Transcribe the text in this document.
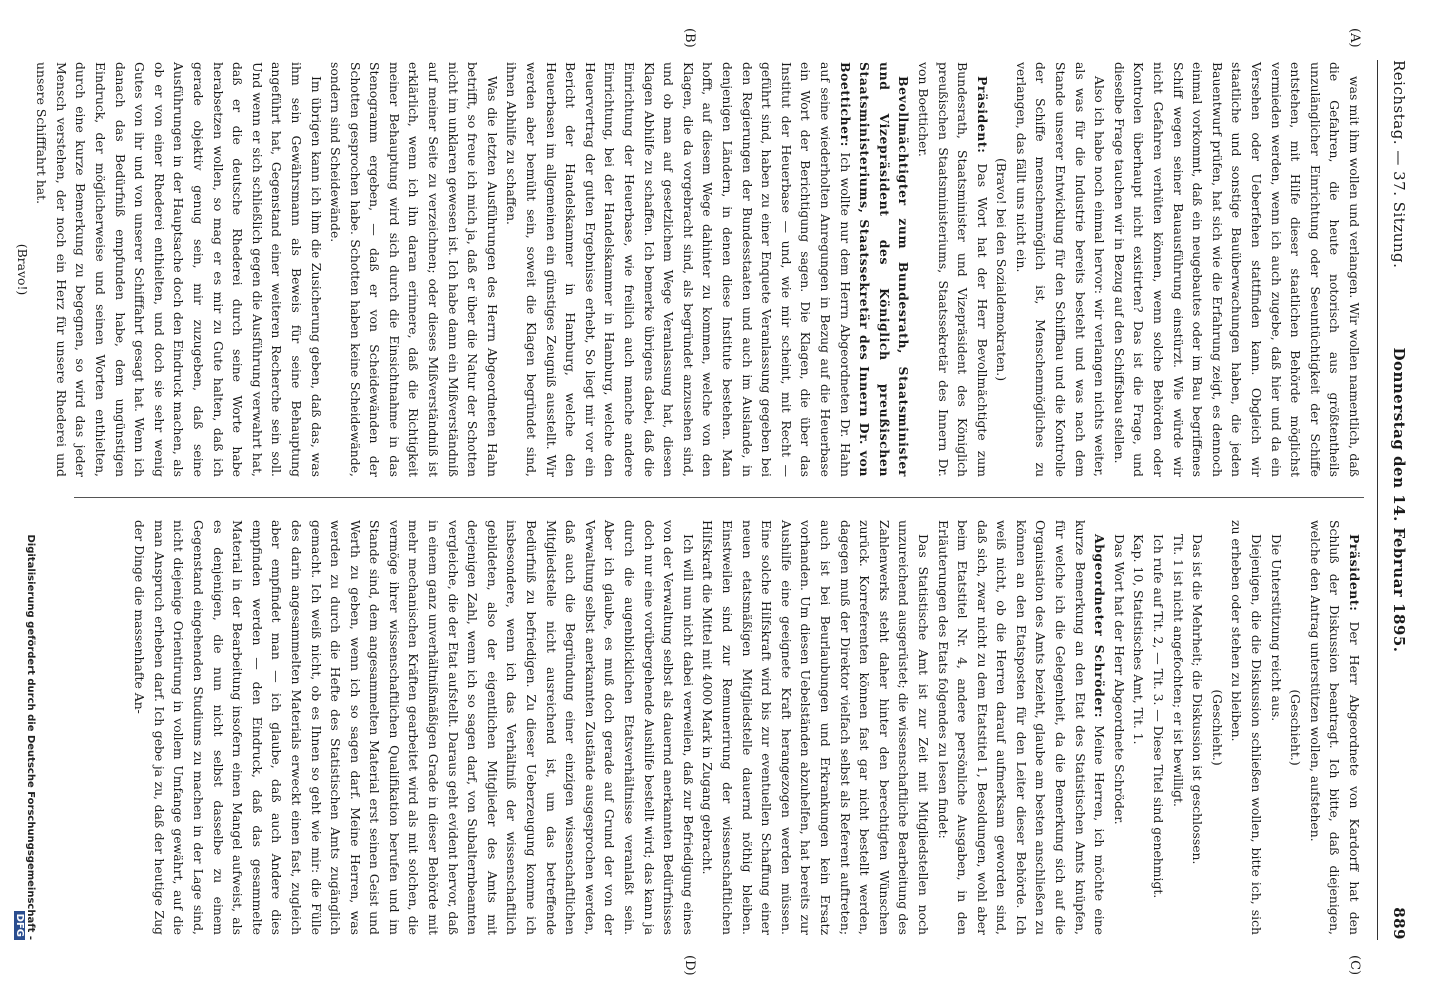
Reichstag. — 37. Sitzung.
Donnerstag den 14. Februar 1895.
889
(A)
(B)
(C)
(D)

was mit ihm wollen und verlangen. Wir wollen namentlich, daß die Gefahren, die heute notorisch aus größtentheils unzulänglicher Einrichtung oder Seeuntüchtigkeit der Schiffe entstehen, mit Hilfe dieser staatlichen Behörde möglichst vermieden werden, wenn ich auch zugebe, daß hier und da ein Versehen oder Ueberfehen stattfinden kann. Obgleich wir staatliche und sonstige Bauüberwachungen haben, die jeden Bauentwurf prüfen, hat sich wie die Erfahrung zeigt, es dennoch einmal vorkommt, daß ein neugebautes oder im Bau begriffenes Schiff wegen seiner Bauausführung einstürzt. Wie würde wir nicht Gefahren verhüten können, wenn solche Behörden oder Kontrolen überhaupt nicht existirten? Das ist die Frage, und dieselbe Frage tauchen wir in Bezug auf den Schiffsbau stellen.

Also ich habe noch einmal hervor: wir verlangen nichts weiter, als was für die Industrie bereits besteht und was nach dem Stande unserer Entwicklung für den Schiffbau und die Kontrolle der Schiffe menschenmöglich ist, Menschenmögliches zu verlangen, das fällt uns nicht ein.

(Bravo! bei den Sozialdemokraten.)

Präsident: Das Wort hat der Herr Bevollmächtigte zum Bundesrath, Staatsminister und Vizepräsident des Königlich preußischen Staatsministeriums, Staatssekretär des Innern Dr. von Boetticher.

Bevollmächtigter zum Bundesrath, Staatsminister und Vizepräsident des Königlich preußischen Staatsministeriums, Staatssekretär des Innern Dr. von Boetticher: Ich wollte nur dem Herrn Abgeordneten Dr. Hahn auf seine wiederholten Anregungen in Bezug auf die Heuerbase ein Wort der Berichtigung sagen. Die Klagen, die über das Institut der Heuerbase — und, wie mir scheint, mit Recht — geführt sind, haben zu einer Enquete Veranlassung gegeben bei den Regierungen der Bundesstaaten und auch im Auslande, in denjenigen Ländern, in denen diese Institute bestehen. Man hofft, auf diesem Wege dahinter zu kommen, welche von den Klagen, die da vorgebracht sind, als begründet anzusehen sind, und ob man auf gesetzlichem Wege Veranlassung hat, diesen Klagen Abhilfe zu schaffen. Ich bemerke übrigens dabei, daß die Einrichtung der Heuerbase, wie freilich auch manche andere Einrichtung, bei der Handelskammer in Hamburg, welche den Heuervertrag der guten Ergebnisse erhebt, So liegt mir vor ein Bericht der Handelskammer in Hamburg, welche den Heuerbasen im allgemeinen ein günstiges Zeugniß ausstellt. Wir werden aber bemüht sein, soweit die Klagen begründet sind, ihnen Abhilfe zu schaffen.

Was die letzten Ausführungen des Herrn Abgeordneten Hahn betrifft, so freue ich mich ja, daß er über die Natur der Schotten nicht im unklaren gewesen ist. Ich habe dann ein Mißverständniß auf meiner Seite zu verzeichnen; oder dieses Mißverständniß ist erklärlich, wenn ich ihn daran erinnere, daß die Richtigkeit meiner Behauptung wird sich durch die Einsichtnahme in das Stenogramm ergeben, — daß er von Scheidewänden der Schotten gesprochen habe. Schotten haben keine Scheidewände, sondern sind Scheidewände.

Im übrigen kann ich ihm die Zusicherung geben, daß das, was ihm sein Gewährsmann als Beweis für seine Behauptung angeführt hat, Gegenstand einer weiteren Recherche sein soll. Und wenn er sich schließlich gegen die Ausführung verwahrt hat, daß er die deutsche Rhederei durch seine Worte habe herabsetzen wollen, so mag er es mir zu Gute halten, daß ich gerade objektiv genug sein, mir zuzugeben, daß seine Ausführungen in der Hauptsache doch den Eindruck machen, als ob er von einer Rhederei enthielten, und doch sie sehr wenig Gutes von ihr und von unserer Schifffahrt gesagt hat. Wenn ich danach das Bedürfniß empfunden habe, dem ungünstigen Eindruck, der möglicherweise und seinen Worten enthielten, durch eine kurze Bemerkung zu begegnen, so wird das jeder Mensch verstehen, der noch ein Herz für unsere Rhederei und unsere Schifffahrt hat.

(Bravo!)

Präsident: Der Herr Abgeordnete von Kardorff hat den Schluß der Diskussion beantragt. Ich bitte, daß diejenigen, welche den Antrag unterstützen wollen, aufstehen.

(Geschieht.)

Die Unterstützung reicht aus.

Diejenigen, die die Diskussion schließen wollen, bitte ich, sich zu erheben oder stehen zu bleiben.

(Geschieht.)

Das ist die Mehrheit; die Diskussion ist geschlossen.

Tit. 1 ist nicht angefochten; er ist bewilligt.

Ich rufe auf Tit. 2, — Tit. 3. — Diese Titel sind genehmigt.

Kap. 10, Statistisches Amt, Tit. 1.

Das Wort hat der Herr Abgeordnete Schröder.

Abgeordneter Schröder: Meine Herren, ich möchte eine kurze Bemerkung an den Etat des Statistischen Amts knüpfen, für welche ich die Gelegenheit, da die Bemerkung sich auf die Organisation des Amts bezieht, glaube am besten anschließen zu können an den Etatsposten für den Leiter dieser Behörde. Ich weiß nicht, ob die Herren darauf aufmerksam geworden sind, daß sich, zwar nicht zu dem Etatstitel 1, Besoldungen, wohl aber beim Etatstitel Nr. 4, andere persönliche Ausgaben, in den Erläuterungen des Etats folgendes zu lesen findet:

Das Statistische Amt ist zur Zeit mit Mitgliedstellen noch unzureichend ausgerüstet; die wissenschaftliche Bearbeitung des Zahlenwerks steht daher hinter den berechtigten Wünschen zurück. Korreferenten können fast gar nicht bestellt werden, dagegen muß der Direktor vielfach selbst als Referent auftreten; auch ist bei Beurlaubungen und Erkrankungen kein Ersatz vorhanden. Um diesen Uebelständen abzuhelfen, hat bereits zur Aushilfe eine geeignete Kraft herangezogen werden müssen. Eine solche Hilfskraft wird bis zur eventuellen Schaffung einer neuen etatsmäßigen Mitgliedstelle dauernd nöthig bleiben. Einstweilen sind zur Remunerirung der wissenschaftlichen Hilfskraft die Mittel mit 4000 Mark in Zugang gebracht.

Ich will nun nicht dabei verweilen, daß zur Befriedigung eines von der Verwaltung selbst als dauernd anerkannten Bedürfnisses doch nur eine vorübergehende Aushilfe bestellt wird; das kann ja durch die augenblicklichen Etatsverhältnisse veranlaßt sein. Aber ich glaube, es muß doch gerade auf Grund der von der Verwaltung selbst anerkannten Zustände ausgesprochen werden, daß auch die Begründung einer einzigen wissenschaftlichen Mitgliedstelle nicht ausreichend ist, um das betreffende Bedürfniß zu befriedigen. Zu dieser Ueberzeugung komme ich insbesondere, wenn ich das Verhältniß der wissenschaftlich gebildeten, also der eigentlichen Mitglieder des Amts mit derjenigen Zahl, wenn ich so sagen darf, von Subalternbeamten vergleiche, die der Etat aufstellt. Daraus geht evident hervor, daß in einem ganz unverhältnißmäßigen Grade in dieser Behörde mit mehr mechanischen Kräften gearbeitet wird als mit solchen, die vermöge ihrer wissenschaftlichen Qualifikation berufen und im Stande sind, dem angesammelten Material erst seinen Geist und Werth zu geben, wenn ich so sagen darf. Meine Herren, was werden zu durch die Hefte des Statistischen Amts zugänglich gemacht. Ich weiß nicht, ob es Ihnen so geht wie mir: die Fülle des darin angesammelten Materials erweckt einen fast, zugleich aber empfindet man — ich glaube, daß auch Andere dies empfinden werden — den Eindruck, daß das gesammelte Material in der Bearbeitung insofern einen Mangel aufweist, als es denjenigen, die nun nicht selbst dasselbe zu einem Gegenstand eingehenden Studiums zu machen in der Lage sind, nicht diejenige Orientirung in vollem Umfange gewährt, auf die man Anspruch erheben darf. Ich gebe ja zu, daß der heutige Zug der Dinge die massenhafte An-

Digitalisierung gefördert durch die Deutsche Forschungsgemeinschaft -DFG
